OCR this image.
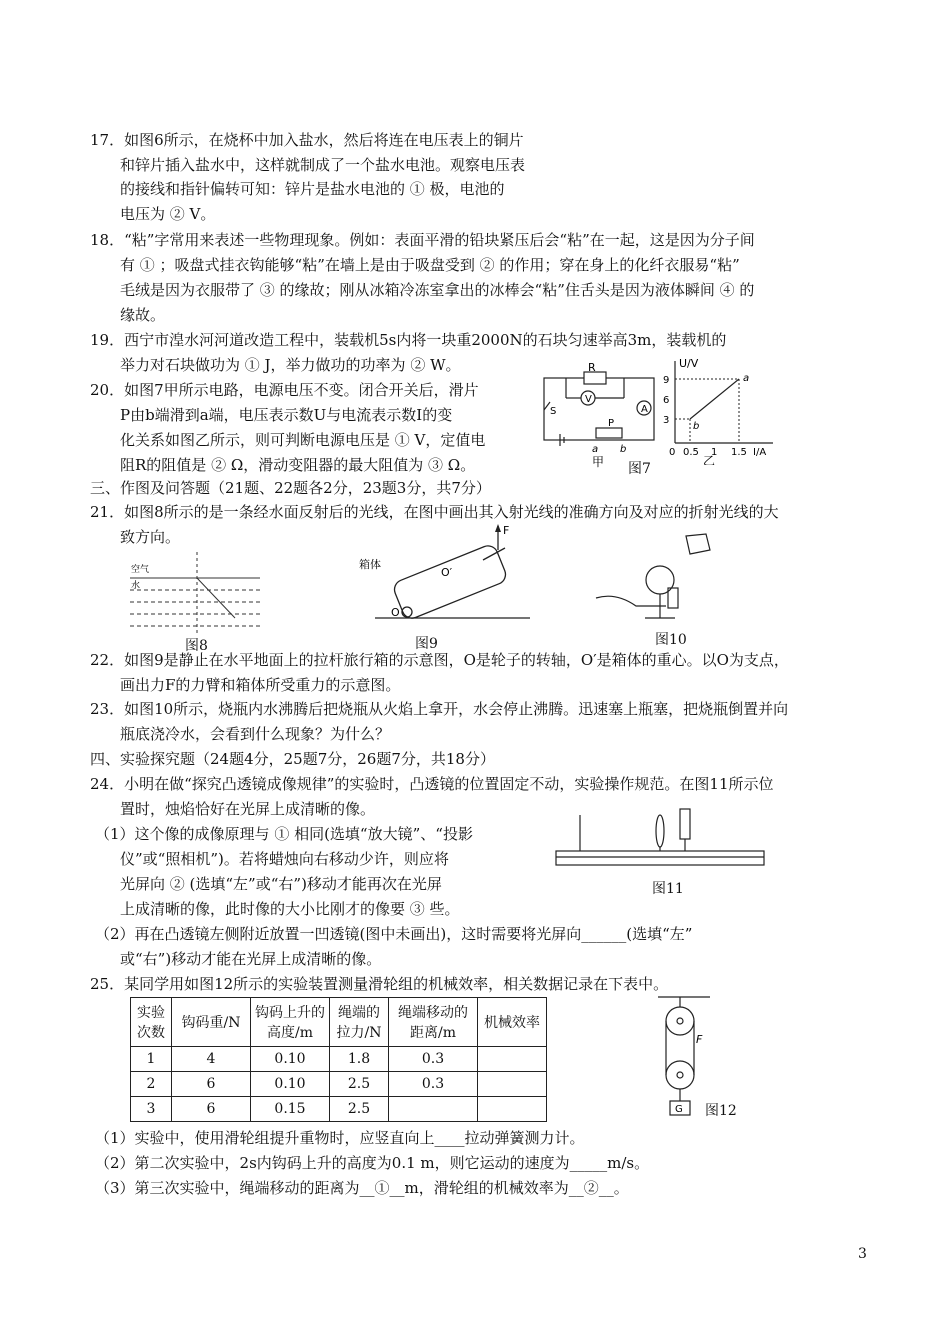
17．如图6所示，在烧杯中加入盐水，然后将连在电压表上的铜片
和锌片插入盐水中，这样就制成了一个盐水电池。观察电压表
的接线和指针偏转可知：锌片是盐水电池的 ① 极，电池的
电压为 ② V。
18．“粘”字常用来表述一些物理现象。例如：表面平滑的铅块紧压后会“粘”在一起，这是因为分子间
有 ① ；吸盘式挂衣钩能够“粘”在墙上是由于吸盘受到 ② 的作用；穿在身上的化纤衣服易“粘”
毛绒是因为衣服带了 ③ 的缘故；刚从冰箱冷冻室拿出的冰棒会“粘”住舌头是因为液体瞬间 ④ 的
缘故。
19．西宁市湟水河河道改造工程中，装载机5s内将一块重2000N的石块匀速举高3m，装载机的
举力对石块做功为 ① J，举力做功的功率为 ② W。
20．如图7甲所示电路，电源电压不变。闭合开关后，滑片
P由b端滑到a端，电压表示数U与电流表示数I的变
化关系如图乙所示，则可判断电源电压是 ① V，定值电
阻R的阻值是 ② Ω，滑动变阻器的最大阻值为 ③ Ω。
R
V
A
S
P
a b
甲
U/V
9
6
3
0 0.5 1 1.5 I/A
a
b
乙
图7
三、作图及问答题（21题、22题各2分，23题3分，共7分）
21．如图8所示的是一条经水面反射后的光线，在图中画出其入射光线的准确方向及对应的折射光线的大
致方向。
空气
水
图8
F
箱体
O′
O
图9	图10
22．如图9是静止在水平地面上的拉杆旅行箱的示意图，O是轮子的转轴，O′是箱体的重心。以O为支点，
画出力F的力臂和箱体所受重力的示意图。
23．如图10所示，烧瓶内水沸腾后把烧瓶从火焰上拿开，水会停止沸腾。迅速塞上瓶塞，把烧瓶倒置并向
瓶底浇冷水，会看到什么现象？为什么？
四、实验探究题（24题4分，25题7分，26题7分，共18分）
24．小明在做“探究凸透镜成像规律”的实验时，凸透镜的位置固定不动，实验操作规范。在图11所示位
置时，烛焰恰好在光屏上成清晰的像。
（1）这个像的成像原理与 ① 相同(选填“放大镜”、“投影
仪”或“照相机”)。若将蜡烛向右移动少许，则应将
光屏向 ② (选填“左”或“右”)移动才能再次在光屏
上成清晰的像，此时像的大小比刚才的像要 ③ 些。
（2）再在凸透镜左侧附近放置一凹透镜(图中未画出)，这时需要将光屏向______(选填“左”
或“右”)移动才能在光屏上成清晰的像。
图11
25．某同学用如图12所示的实验装置测量滑轮组的机械效率，相关数据记录在下表中。
实验次数	钩码重/N	钩码上升的高度/m	绳端的拉力/N	绳端移动的距离/m	机械效率
1	4	0.10	1.8	0.3	
2	6	0.10	2.5	0.3	
3	6	0.15	2.5		
F
G 图12
（1）实验中，使用滑轮组提升重物时，应竖直向上____拉动弹簧测力计。
（2）第二次实验中，2s内钩码上升的高度为0.1 m，则它运动的速度为_____m/s。
（3）第三次实验中，绳端移动的距离为__①__m，滑轮组的机械效率为__②__。
3
